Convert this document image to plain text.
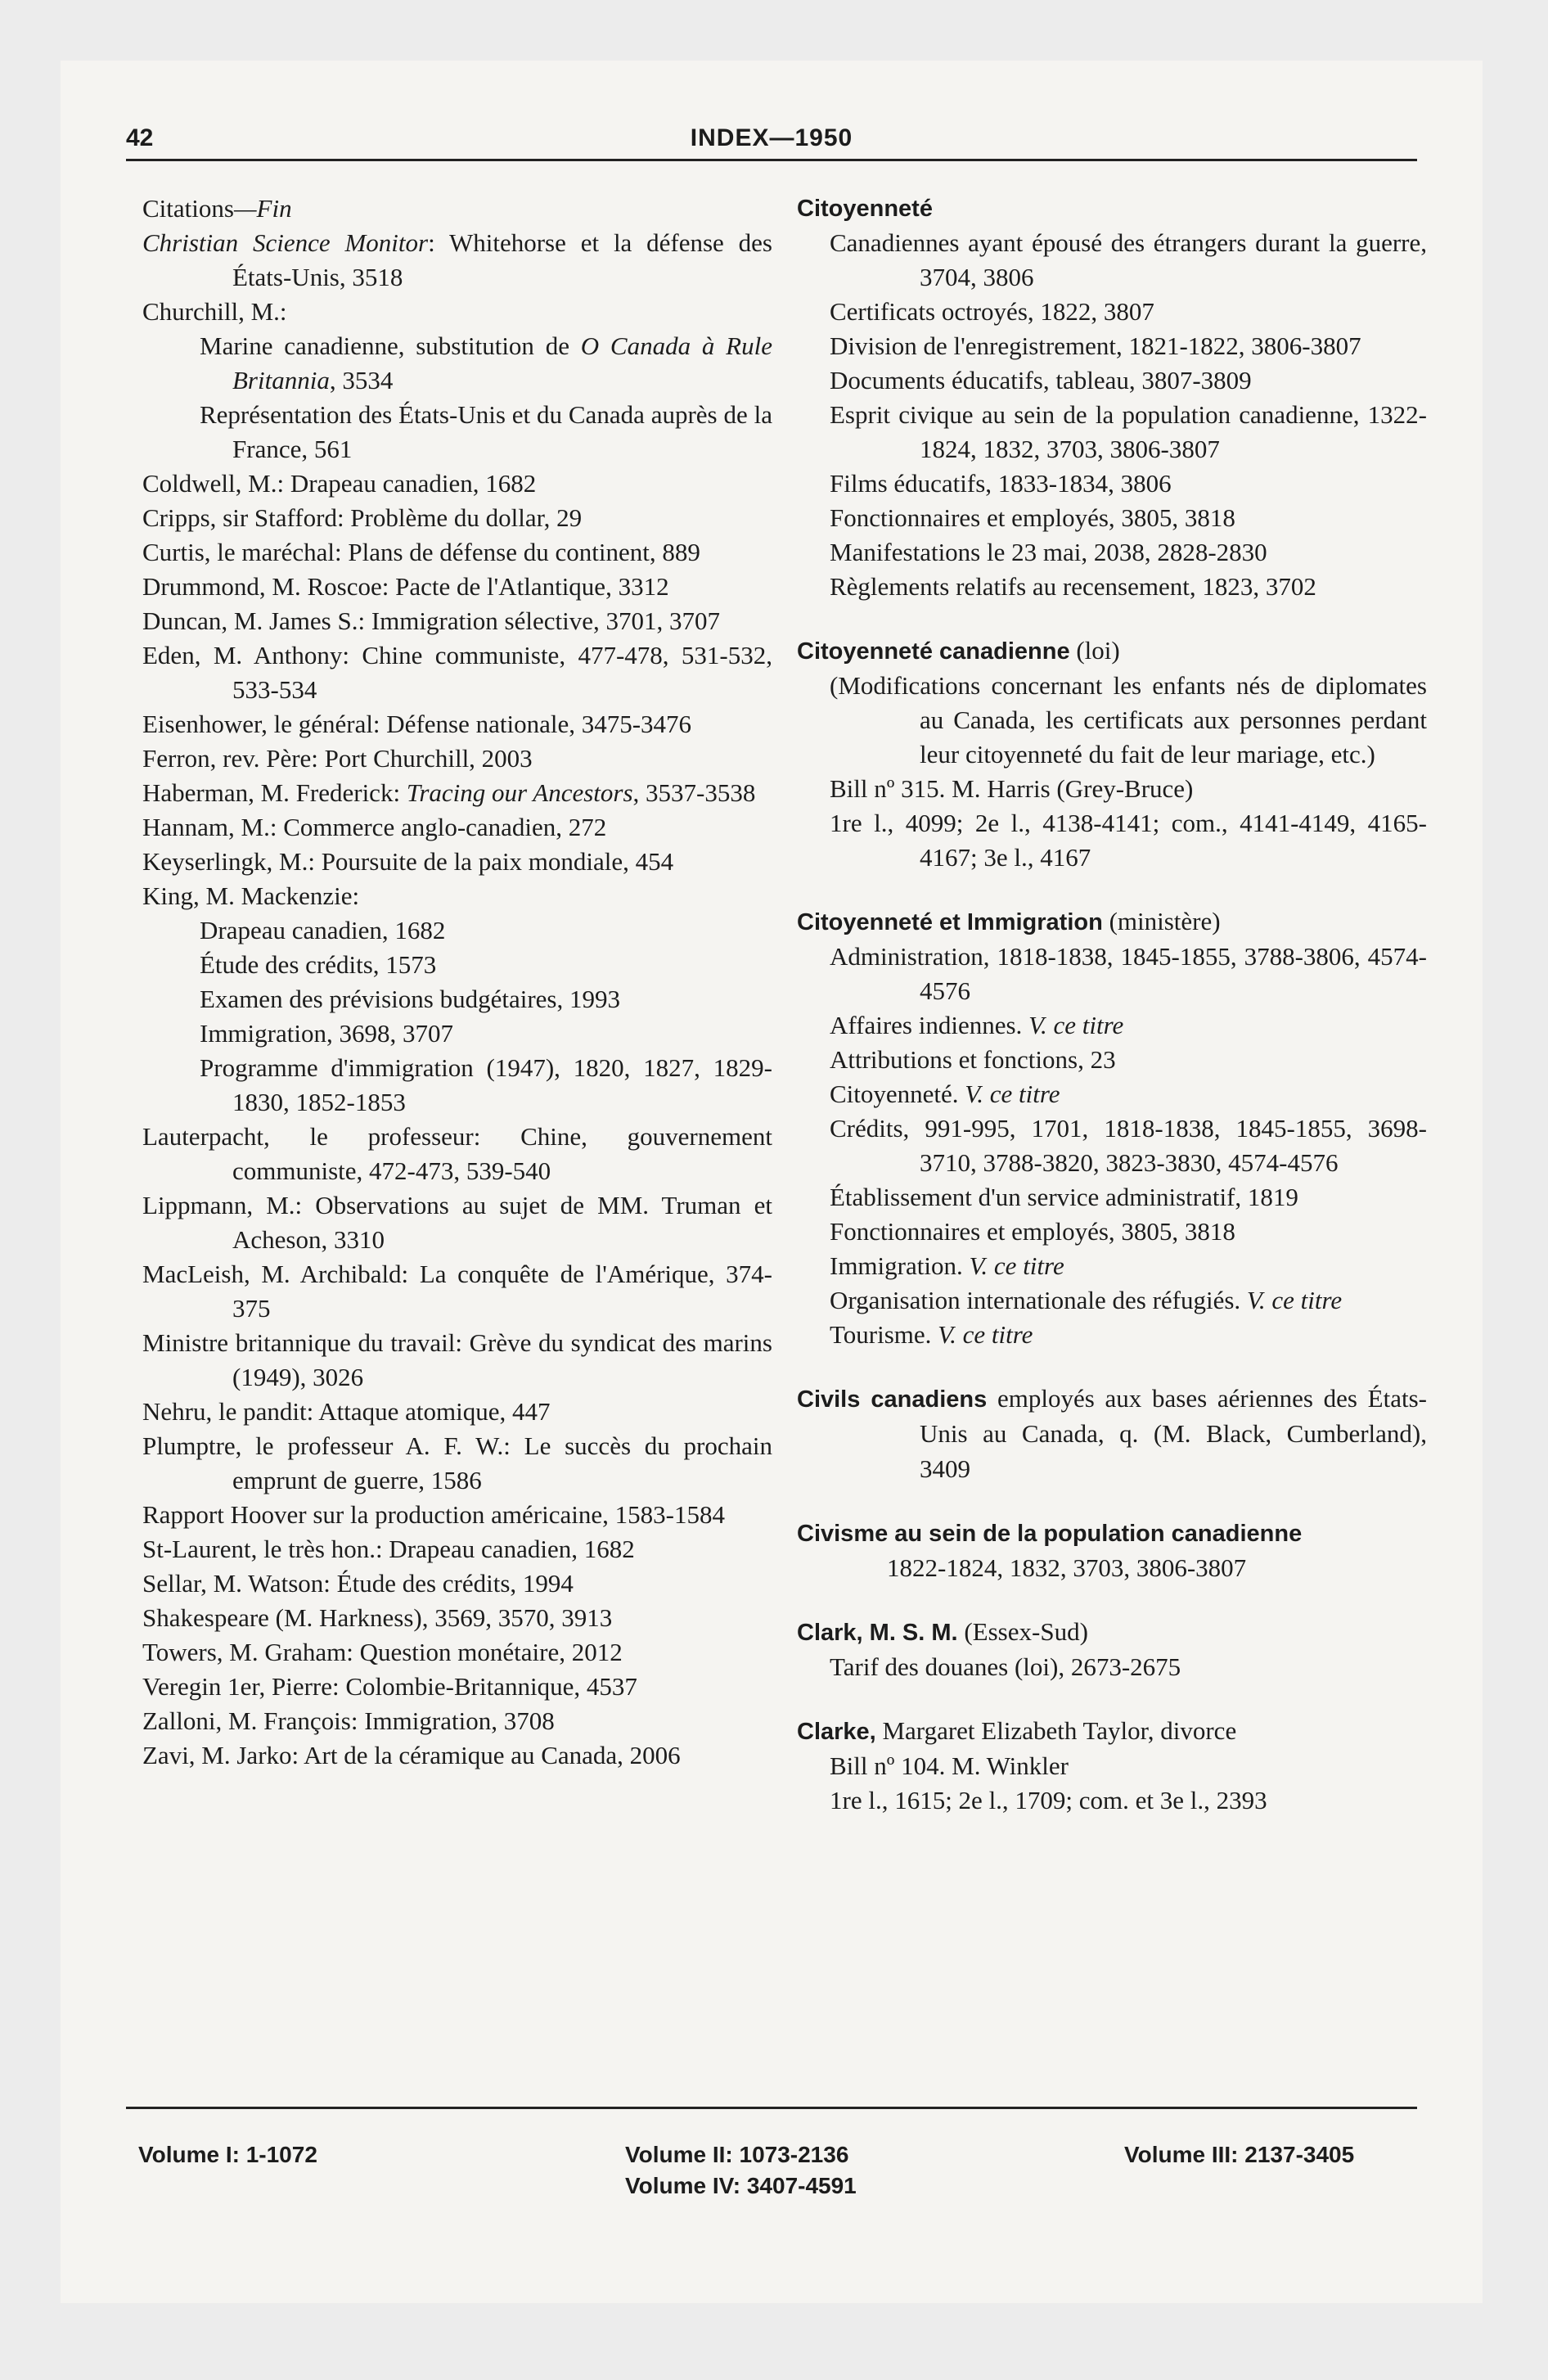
42	INDEX—1950
Citations—Fin
Christian Science Monitor: Whitehorse et la défense des États-Unis, 3518
Churchill, M.:
Marine canadienne, substitution de O Canada à Rule Britannia, 3534
Représentation des États-Unis et du Canada auprès de la France, 561
Coldwell, M.: Drapeau canadien, 1682
Cripps, sir Stafford: Problème du dollar, 29
Curtis, le maréchal: Plans de défense du continent, 889
Drummond, M. Roscoe: Pacte de l'Atlantique, 3312
Duncan, M. James S.: Immigration sélective, 3701, 3707
Eden, M. Anthony: Chine communiste, 477-478, 531-532, 533-534
Eisenhower, le général: Défense nationale, 3475-3476
Ferron, rev. Père: Port Churchill, 2003
Haberman, M. Frederick: Tracing our Ancestors, 3537-3538
Hannam, M.: Commerce anglo-canadien, 272
Keyserlingk, M.: Poursuite de la paix mondiale, 454
King, M. Mackenzie:
Drapeau canadien, 1682
Étude des crédits, 1573
Examen des prévisions budgétaires, 1993
Immigration, 3698, 3707
Programme d'immigration (1947), 1820, 1827, 1829-1830, 1852-1853
Lauterpacht, le professeur: Chine, gouvernement communiste, 472-473, 539-540
Lippmann, M.: Observations au sujet de MM. Truman et Acheson, 3310
MacLeish, M. Archibald: La conquête de l'Amérique, 374-375
Ministre britannique du travail: Grève du syndicat des marins (1949), 3026
Nehru, le pandit: Attaque atomique, 447
Plumptre, le professeur A. F. W.: Le succès du prochain emprunt de guerre, 1586
Rapport Hoover sur la production américaine, 1583-1584
St-Laurent, le très hon.: Drapeau canadien, 1682
Sellar, M. Watson: Étude des crédits, 1994
Shakespeare (M. Harkness), 3569, 3570, 3913
Towers, M. Graham: Question monétaire, 2012
Veregin 1er, Pierre: Colombie-Britannique, 4537
Zalloni, M. François: Immigration, 3708
Zavi, M. Jarko: Art de la céramique au Canada, 2006
Citoyenneté
Canadiennes ayant épousé des étrangers durant la guerre, 3704, 3806
Certificats octroyés, 1822, 3807
Division de l'enregistrement, 1821-1822, 3806-3807
Documents éducatifs, tableau, 3807-3809
Esprit civique au sein de la population canadienne, 1322-1824, 1832, 3703, 3806-3807
Films éducatifs, 1833-1834, 3806
Fonctionnaires et employés, 3805, 3818
Manifestations le 23 mai, 2038, 2828-2830
Règlements relatifs au recensement, 1823, 3702
Citoyenneté canadienne (loi)
(Modifications concernant les enfants nés de diplomates au Canada, les certificats aux personnes perdant leur citoyenneté du fait de leur mariage, etc.)
Bill nº 315. M. Harris (Grey-Bruce)
1re l., 4099; 2e l., 4138-4141; com., 4141-4149, 4165-4167; 3e l., 4167
Citoyenneté et Immigration (ministère)
Administration, 1818-1838, 1845-1855, 3788-3806, 4574-4576
Affaires indiennes. V. ce titre
Attributions et fonctions, 23
Citoyenneté. V. ce titre
Crédits, 991-995, 1701, 1818-1838, 1845-1855, 3698-3710, 3788-3820, 3823-3830, 4574-4576
Établissement d'un service administratif, 1819
Fonctionnaires et employés, 3805, 3818
Immigration. V. ce titre
Organisation internationale des réfugiés. V. ce titre
Tourisme. V. ce titre
Civils canadiens employés aux bases aériennes des États-Unis au Canada, q. (M. Black, Cumberland), 3409
Civisme au sein de la population canadienne
1822-1824, 1832, 3703, 3806-3807
Clark, M. S. M. (Essex-Sud)
Tarif des douanes (loi), 2673-2675
Clarke, Margaret Elizabeth Taylor, divorce
Bill nº 104. M. Winkler
1re l., 1615; 2e l., 1709; com. et 3e l., 2393
Volume I: 1-1072	Volume II: 1073-2136
Volume IV: 3407-4591
Volume III: 2137-3405
